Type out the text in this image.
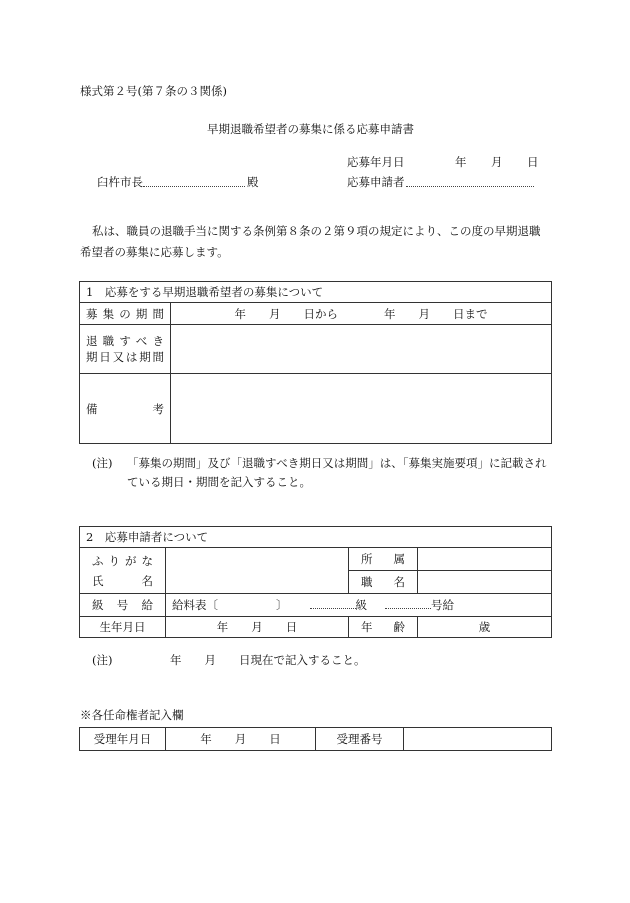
様式第２号(第７条の３関係)
早期退職希望者の募集に係る応募申請書
応募年月日	年 月 日
臼杵市長	殿	応募申請者
私は、職員の退職手当に関する条例第８条の２第９項の規定により、この度の早期退職
希望者の募集に応募します。
1　応募をする早期退職希望者の募集について	

募集の期間	年　　月　　日から　　　　年　　月　　日まで

退職すべき
期日又は期間	

備　考	

(注) 「募集の期間」及び「退職すべき期日又は期間」は、「募集実施要項」に記載され
ている期日・期間を記入すること。
2　応募申請者について			

ふりがな
氏　　名		所　属	

		職　名	

級号給	給料表〔 〕 級 号給		
生年月日	年　　月　　日	年　齢	歳
(注)	年　　月　　日現在で記入すること。
※各任命権者記入欄
受理年月日	年　　月　　日	受理番号	
